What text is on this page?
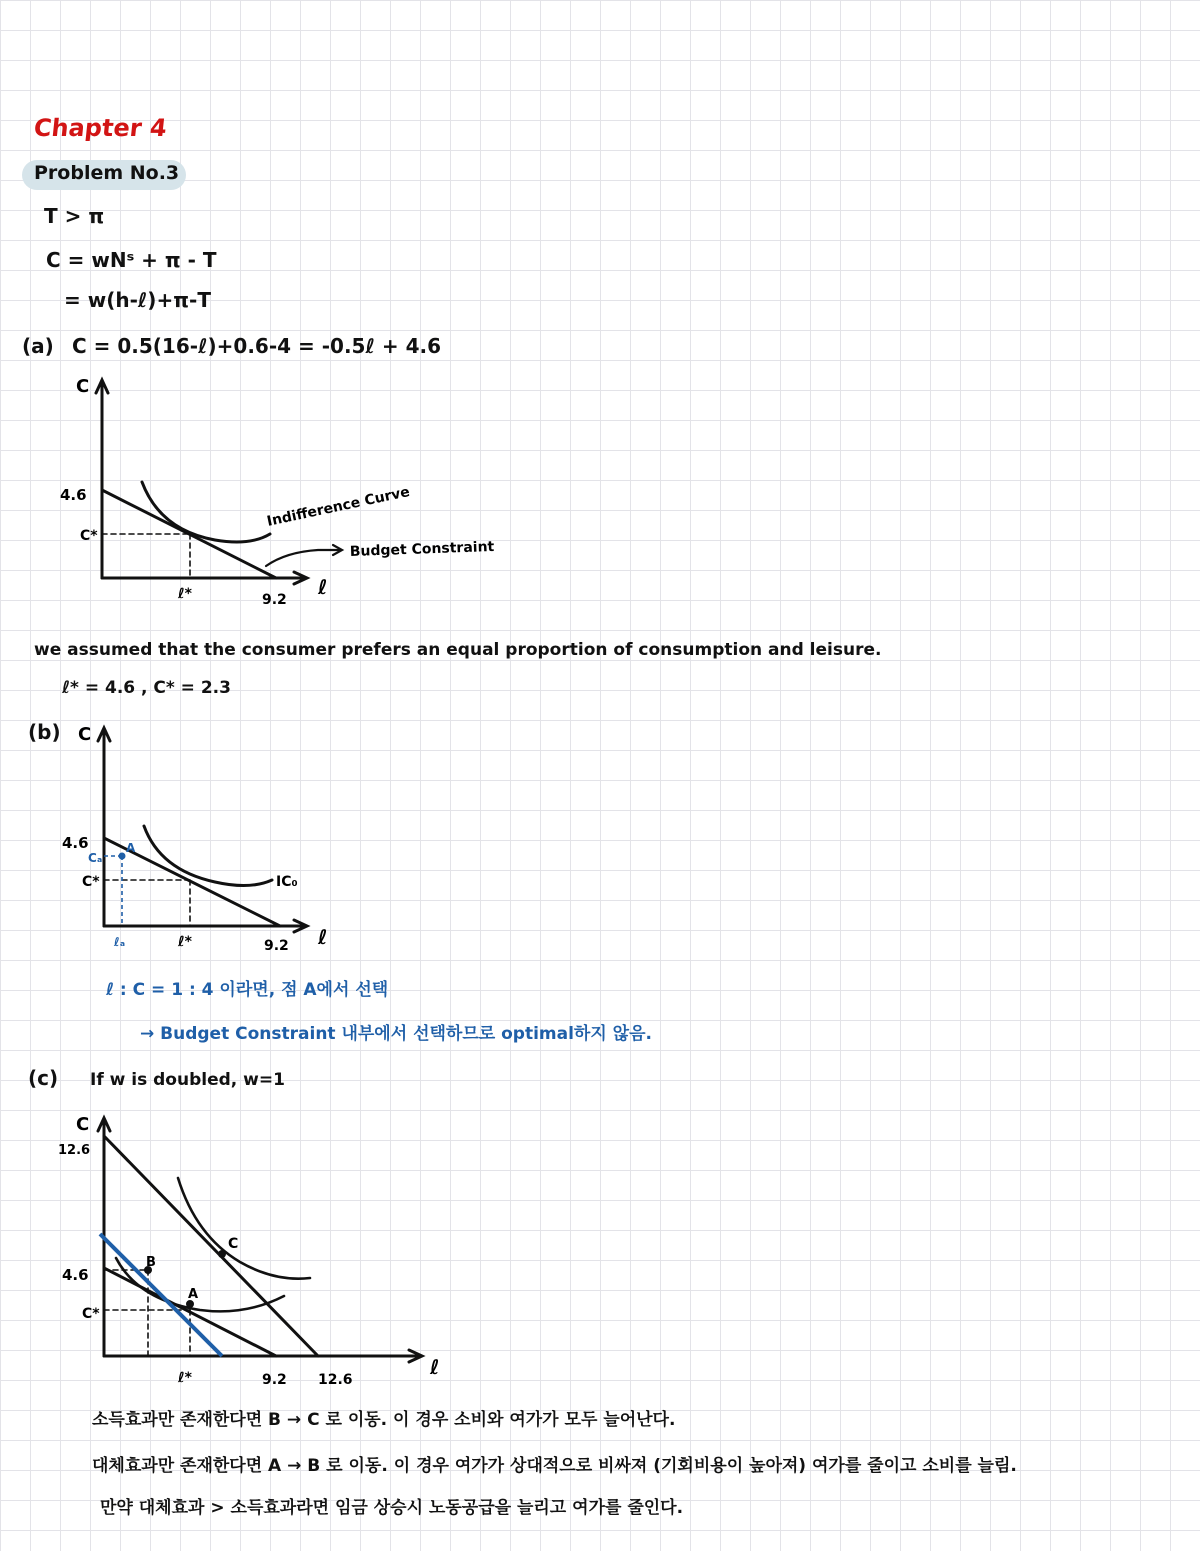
Chapter 4
Problem No.3
T > π
C = wNˢ + π - T
= w(h-ℓ)+π-T
(a) C = 0.5(16-ℓ)+0.6-4 = -0.5ℓ + 4.6
C
ℓ
4.6
C*
ℓ*	9.2
Indifference Curve
Budget Constraint
we assumed that the consumer prefers an equal proportion of consumption and leisure.
ℓ* = 4.6 , C* = 2.3
(b) C
ℓ
4.6
Cₐ
A
C*	IC₀
ℓₐ	ℓ*	9.2
ℓ : C = 1 : 4 이라면, 점 A에서 선택
→ Budget Constraint 내부에서 선택하므로 optimal하지 않음.
(c) If w is doubled, w=1
C
12.6
ℓ
4.6
C*
ℓ*	9.2 12.6
A
B
C
소득효과만 존재한다면 B → C 로 이동. 이 경우 소비와 여가가 모두 늘어난다.
대체효과만 존재한다면 A → B 로 이동. 이 경우 여가가 상대적으로 비싸져 (기회비용이 높아져) 여가를 줄이고 소비를 늘림.
만약 대체효과 > 소득효과라면 임금 상승시 노동공급을 늘리고 여가를 줄인다.
